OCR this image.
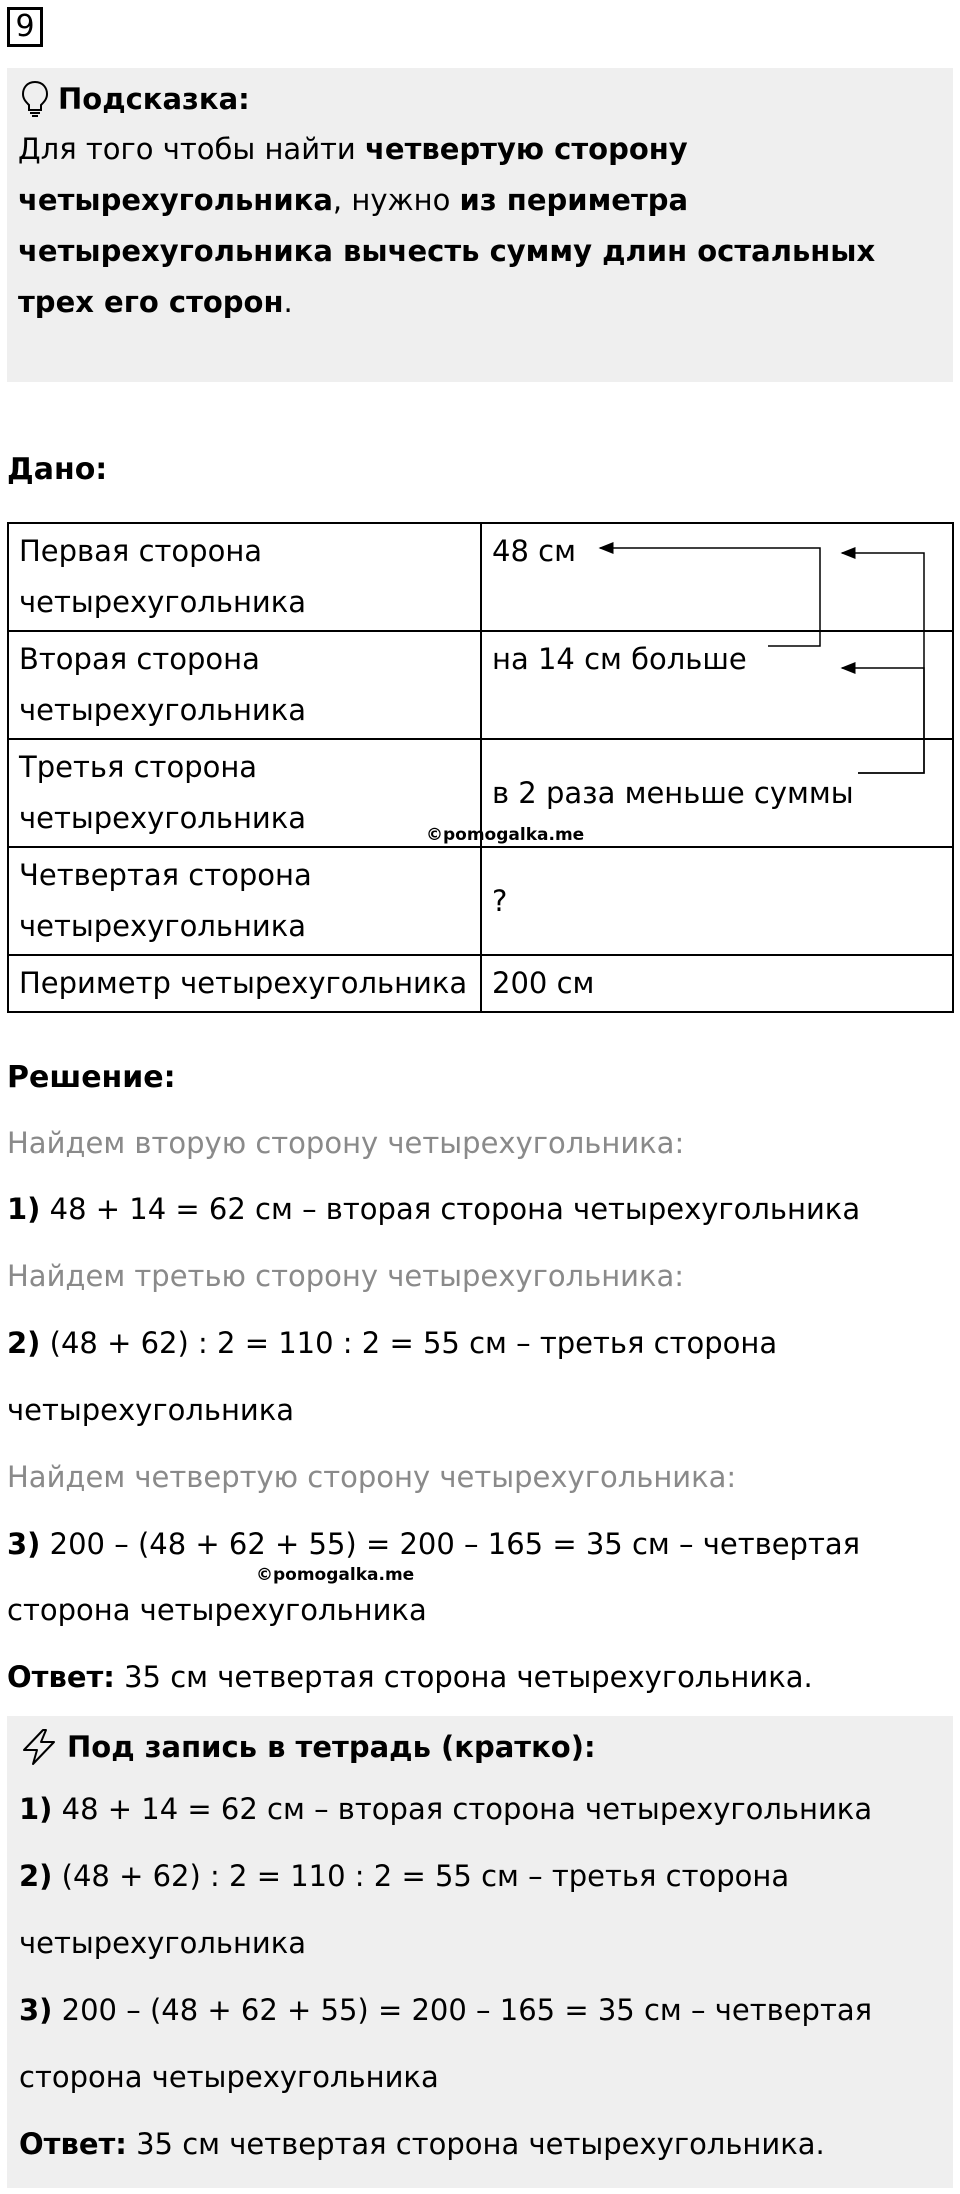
9
Подсказка:
Для того чтобы найти четвертую сторону четырехугольника, нужно из периметра четырехугольника вычесть сумму длин остальных трех его сторон.
Дано:
Первая сторона четырехугольника	48 см
Вторая сторона четырехугольника	на 14 см больше
Третья сторона четырехугольника	в 2 раза меньше суммы
Четвертая сторона четырехугольника	?
Периметр четырехугольника	200 см
©pomogalka.me
Решение:
Найдем вторую сторону четырехугольника:
1) 48 + 14 = 62 см – вторая сторона четырехугольника
Найдем третью сторону четырехугольника:
2) (48 + 62) : 2 = 110 : 2 = 55 см – третья сторона
четырехугольника
Найдем четвертую сторону четырехугольника:
3) 200 – (48 + 62 + 55) = 200 – 165 = 35 см – четвертая
©pomogalka.me
сторона четырехугольника
Ответ: 35 см четвертая сторона четырехугольника.
Под запись в тетрадь (кратко):
1) 48 + 14 = 62 см – вторая сторона четырехугольника
2) (48 + 62) : 2 = 110 : 2 = 55 см – третья сторона
четырехугольника
3) 200 – (48 + 62 + 55) = 200 – 165 = 35 см – четвертая
сторона четырехугольника
Ответ: 35 см четвертая сторона четырехугольника.
